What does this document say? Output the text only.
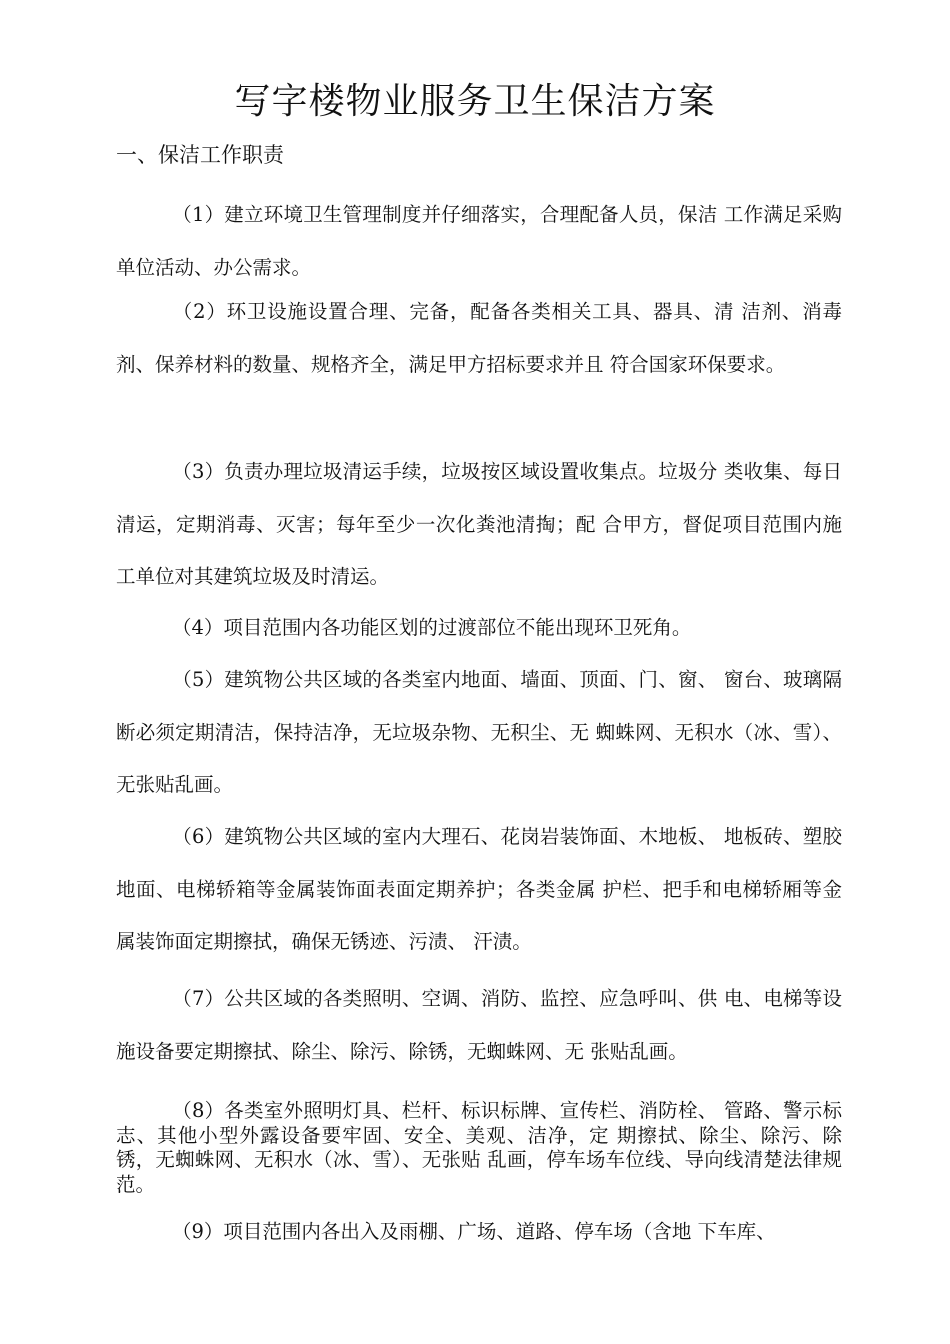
写字楼物业服务卫生保洁方案
一、保洁工作职责

（1）建立环境卫生管理制度并仔细落实，合理配备人员，保洁 工作满足采购单位活动、办公需求。

（2）环卫设施设置合理、完备，配备各类相关工具、器具、清 洁剂、消毒剂、保养材料的数量、规格齐全，满足甲方招标要求并且 符合国家环保要求。

（3）负责办理垃圾清运手续，垃圾按区域设置收集点。垃圾分 类收集、每日清运，定期消毒、灭害；每年至少一次化粪池清掏；配 合甲方，督促项目范围内施工单位对其建筑垃圾及时清运。

（4）项目范围内各功能区划的过渡部位不能出现环卫死角。

（5）建筑物公共区域的各类室内地面、墙面、顶面、门、窗、 窗台、玻璃隔断必须定期清洁，保持洁净，无垃圾杂物、无积尘、无 蜘蛛网、无积水（冰、雪）、无张贴乱画。

（6）建筑物公共区域的室内大理石、花岗岩装饰面、木地板、 地板砖、塑胶地面、电梯轿箱等金属装饰面表面定期养护；各类金属 护栏、把手和电梯轿厢等金属装饰面定期擦拭，确保无锈迹、污渍、 汗渍。

（7）公共区域的各类照明、空调、消防、监控、应急呼叫、供 电、电梯等设施设备要定期擦拭、除尘、除污、除锈，无蜘蛛网、无 张贴乱画。

（8）各类室外照明灯具、栏杆、标识标牌、宣传栏、消防栓、 管路、警示标志、其他小型外露设备要牢固、安全、美观、洁净，定 期擦拭、除尘、除污、除锈，无蜘蛛网、无积水（冰、雪）、无张贴 乱画，停车场车位线、导向线清楚法律规范。

（9）项目范围内各出入及雨棚、广场、道路、停车场（含地 下车库、
